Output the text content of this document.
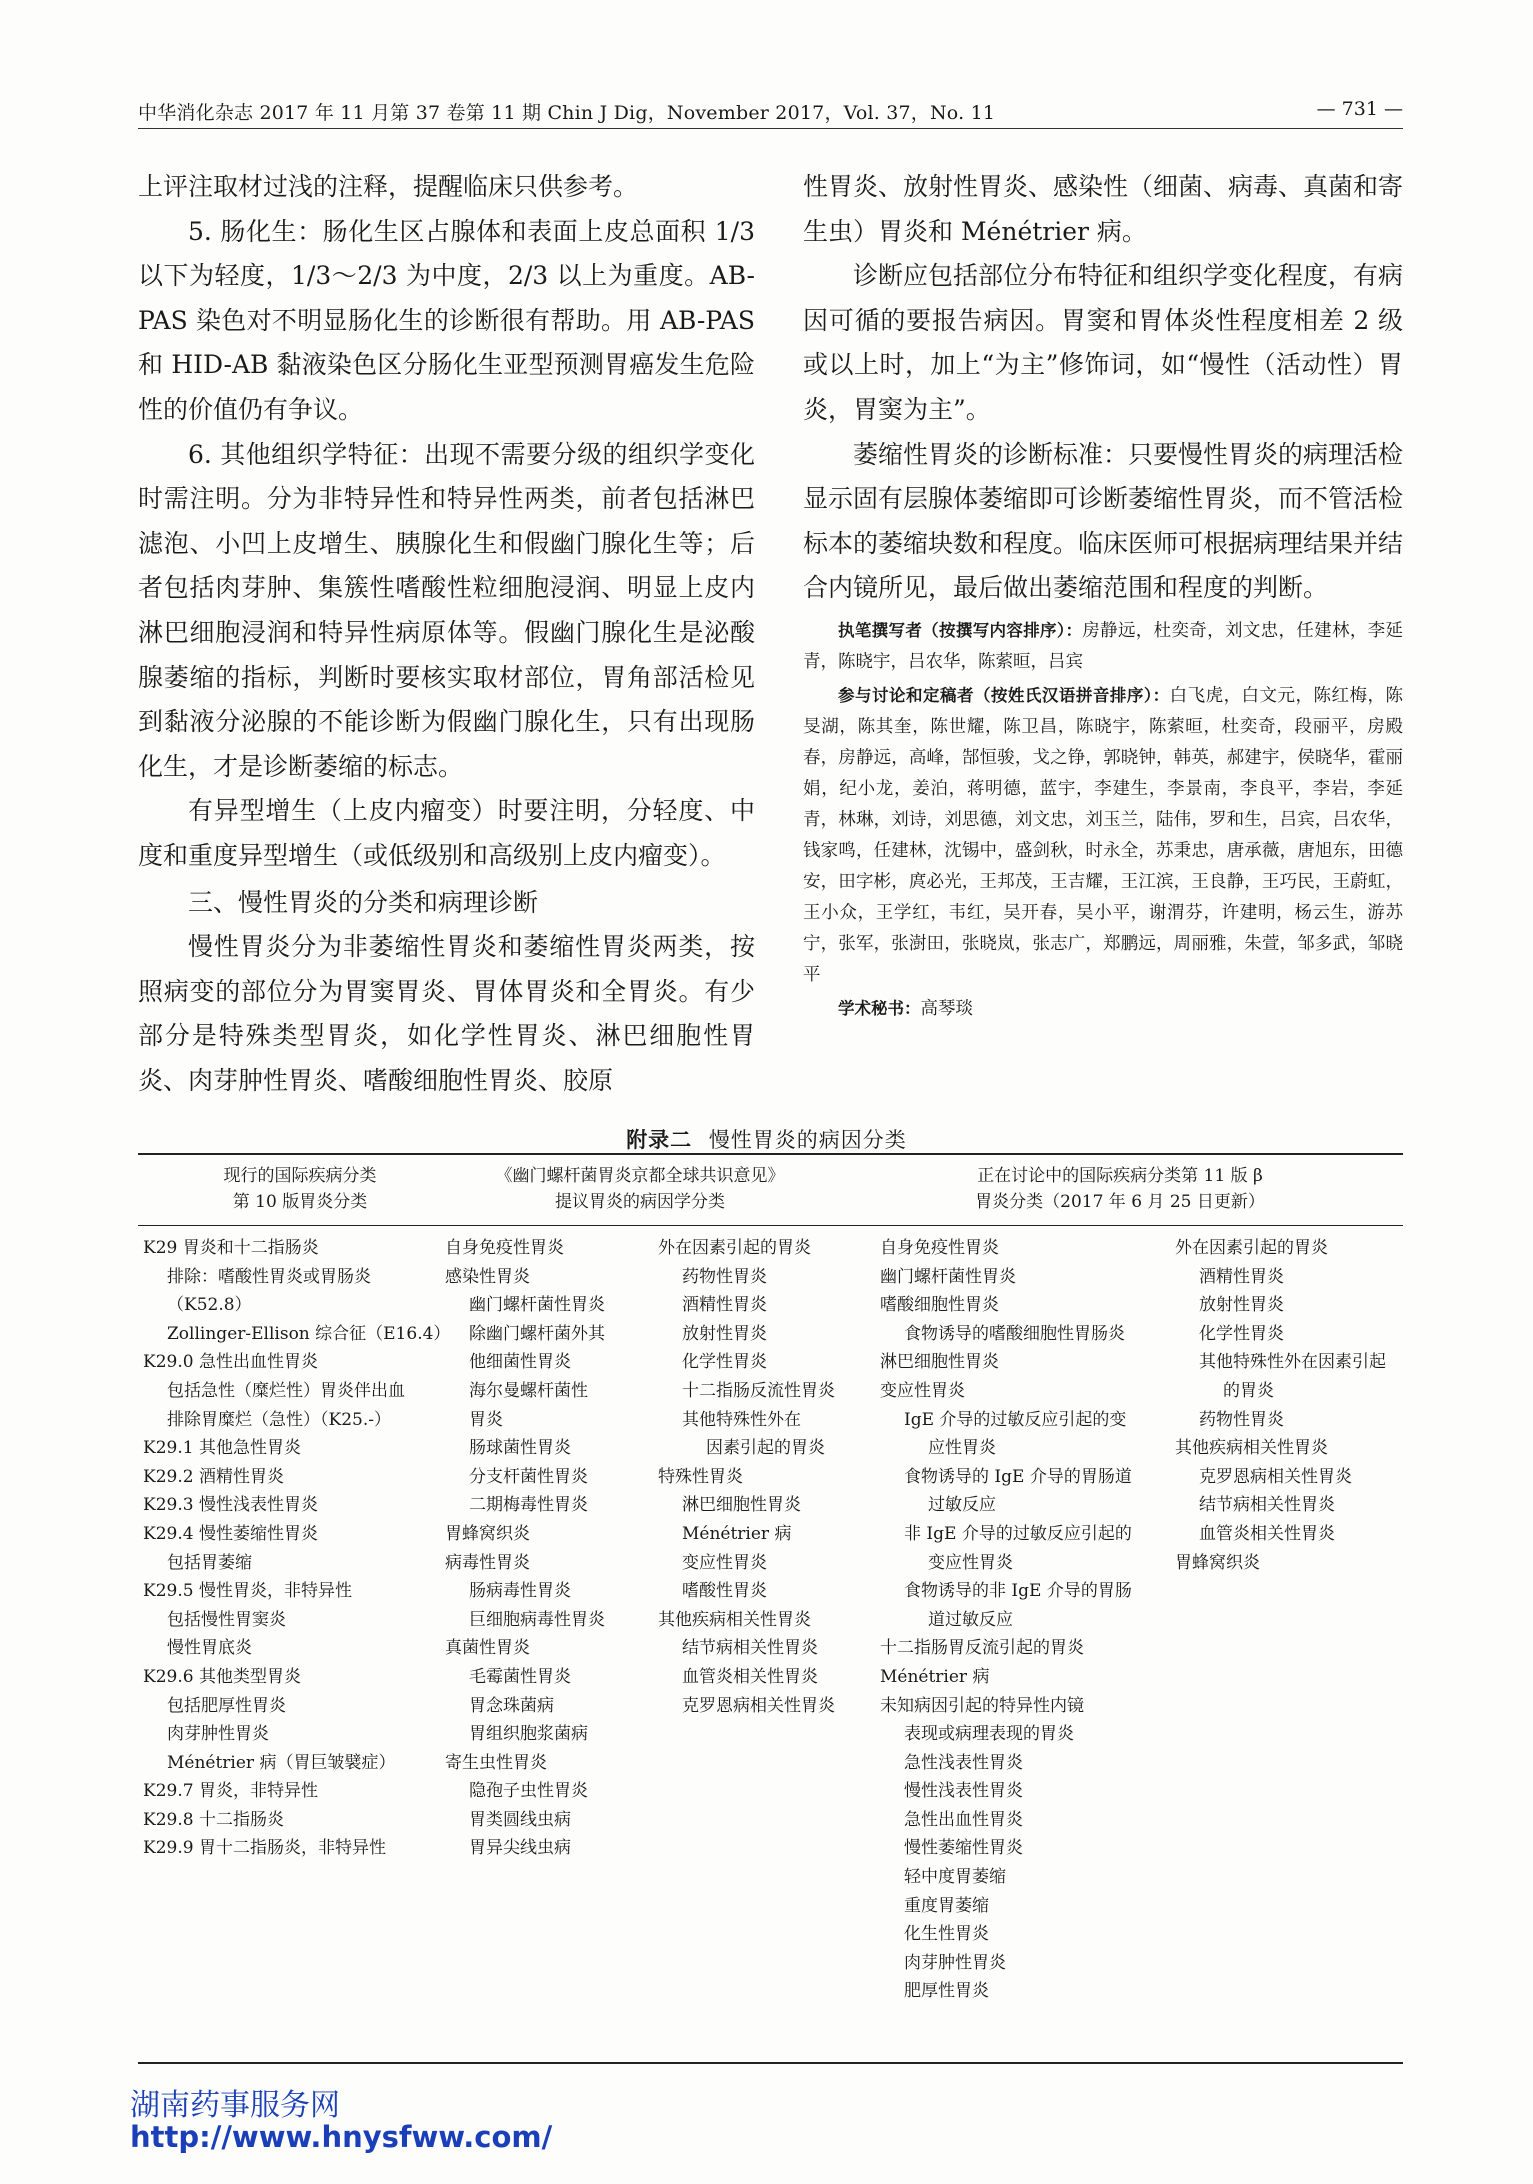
中华消化杂志 2017 年 11 月第 37 卷第 11 期 Chin J Dig，November 2017，Vol. 37，No. 11	— 731 —

上评注取材过浅的注释，提醒临床只供参考。

5. 肠化生：肠化生区占腺体和表面上皮总面积 1/3 以下为轻度，1/3～2/3 为中度，2/3 以上为重度。AB-PAS 染色对不明显肠化生的诊断很有帮助。用 AB-PAS 和 HID-AB 黏液染色区分肠化生亚型预测胃癌发生危险性的价值仍有争议。

6. 其他组织学特征：出现不需要分级的组织学变化时需注明。分为非特异性和特异性两类，前者包括淋巴滤泡、小凹上皮增生、胰腺化生和假幽门腺化生等；后者包括肉芽肿、集簇性嗜酸性粒细胞浸润、明显上皮内淋巴细胞浸润和特异性病原体等。假幽门腺化生是泌酸腺萎缩的指标，判断时要核实取材部位，胃角部活检见到黏液分泌腺的不能诊断为假幽门腺化生，只有出现肠化生，才是诊断萎缩的标志。

有异型增生（上皮内瘤变）时要注明，分轻度、中度和重度异型增生（或低级别和高级别上皮内瘤变）。

三、慢性胃炎的分类和病理诊断

慢性胃炎分为非萎缩性胃炎和萎缩性胃炎两类，按照病变的部位分为胃窦胃炎、胃体胃炎和全胃炎。有少部分是特殊类型胃炎，如化学性胃炎、淋巴细胞性胃炎、肉芽肿性胃炎、嗜酸细胞性胃炎、胶原

性胃炎、放射性胃炎、感染性（细菌、病毒、真菌和寄生虫）胃炎和 Ménétrier 病。

诊断应包括部位分布特征和组织学变化程度，有病因可循的要报告病因。胃窦和胃体炎性程度相差 2 级或以上时，加上“为主”修饰词，如“慢性（活动性）胃炎，胃窦为主”。

萎缩性胃炎的诊断标准：只要慢性胃炎的病理活检显示固有层腺体萎缩即可诊断萎缩性胃炎，而不管活检标本的萎缩块数和程度。临床医师可根据病理结果并结合内镜所见，最后做出萎缩范围和程度的判断。

执笔撰写者（按撰写内容排序）：房静远，杜奕奇，刘文忠，任建林，李延青，陈晓宇，吕农华，陈萦晅，吕宾

参与讨论和定稿者（按姓氏汉语拼音排序）：白飞虎，白文元，陈红梅，陈旻湖，陈其奎，陈世耀，陈卫昌，陈晓宇，陈萦晅，杜奕奇，段丽平，房殿春，房静远，高峰，郜恒骏，戈之铮，郭晓钟，韩英，郝建宇，侯晓华，霍丽娟，纪小龙，姜泊，蒋明德，蓝宇，李建生，李景南，李良平，李岩，李延青，林琳，刘诗，刘思德，刘文忠，刘玉兰，陆伟，罗和生，吕宾，吕农华，钱家鸣，任建林，沈锡中，盛剑秋，时永全，苏秉忠，唐承薇，唐旭东，田德安，田字彬，庹必光，王邦茂，王吉耀，王江滨，王良静，王巧民，王蔚虹，王小众，王学红，韦红，吴开春，吴小平，谢渭芬，许建明，杨云生，游苏宁，张军，张澍田，张晓岚，张志广，郑鹏远，周丽雅，朱萱，邹多武，邹晓平

学术秘书：高琴琰

附录二 慢性胃炎的病因分类
现行的国际疾病分类
第 10 版胃炎分类
《幽门螺杆菌胃炎京都全球共识意见》
提议胃炎的病因学分类
正在讨论中的国际疾病分类第 11 版 β
胃炎分类（2017 年 6 月 25 日更新）
K29 胃炎和十二指肠炎
排除：嗜酸性胃炎或胃肠炎
（K52.8）
Zollinger-Ellison 综合征（E16.4）
K29.0 急性出血性胃炎
包括急性（糜烂性）胃炎伴出血
排除胃糜烂（急性）（K25.-）
K29.1 其他急性胃炎
K29.2 酒精性胃炎
K29.3 慢性浅表性胃炎
K29.4 慢性萎缩性胃炎
包括胃萎缩
K29.5 慢性胃炎，非特异性
包括慢性胃窦炎
慢性胃底炎
K29.6 其他类型胃炎
包括肥厚性胃炎
肉芽肿性胃炎
Ménétrier 病（胃巨皱襞症）
K29.7 胃炎，非特异性
K29.8 十二指肠炎
K29.9 胃十二指肠炎，非特异性
自身免疫性胃炎
感染性胃炎
幽门螺杆菌性胃炎
除幽门螺杆菌外其
他细菌性胃炎
海尔曼螺杆菌性
胃炎
肠球菌性胃炎
分支杆菌性胃炎
二期梅毒性胃炎
胃蜂窝织炎
病毒性胃炎
肠病毒性胃炎
巨细胞病毒性胃炎
真菌性胃炎
毛霉菌性胃炎
胃念珠菌病
胃组织胞浆菌病
寄生虫性胃炎
隐孢子虫性胃炎
胃类圆线虫病
胃异尖线虫病
外在因素引起的胃炎
药物性胃炎
酒精性胃炎
放射性胃炎
化学性胃炎
十二指肠反流性胃炎
其他特殊性外在
因素引起的胃炎
特殊性胃炎
淋巴细胞性胃炎
Ménétrier 病
变应性胃炎
嗜酸性胃炎
其他疾病相关性胃炎
结节病相关性胃炎
血管炎相关性胃炎
克罗恩病相关性胃炎
自身免疫性胃炎
幽门螺杆菌性胃炎
嗜酸细胞性胃炎
食物诱导的嗜酸细胞性胃肠炎
淋巴细胞性胃炎
变应性胃炎
IgE 介导的过敏反应引起的变
应性胃炎
食物诱导的 IgE 介导的胃肠道
过敏反应
非 IgE 介导的过敏反应引起的
变应性胃炎
食物诱导的非 IgE 介导的胃肠
道过敏反应
十二指肠胃反流引起的胃炎
Ménétrier 病
未知病因引起的特异性内镜
表现或病理表现的胃炎
急性浅表性胃炎
慢性浅表性胃炎
急性出血性胃炎
慢性萎缩性胃炎
轻中度胃萎缩
重度胃萎缩
化生性胃炎
肉芽肿性胃炎
肥厚性胃炎
外在因素引起的胃炎
酒精性胃炎
放射性胃炎
化学性胃炎
其他特殊性外在因素引起
的胃炎
药物性胃炎
其他疾病相关性胃炎
克罗恩病相关性胃炎
结节病相关性胃炎
血管炎相关性胃炎
胃蜂窝织炎
湖南药事服务网
http://www.hnysfww.com/
